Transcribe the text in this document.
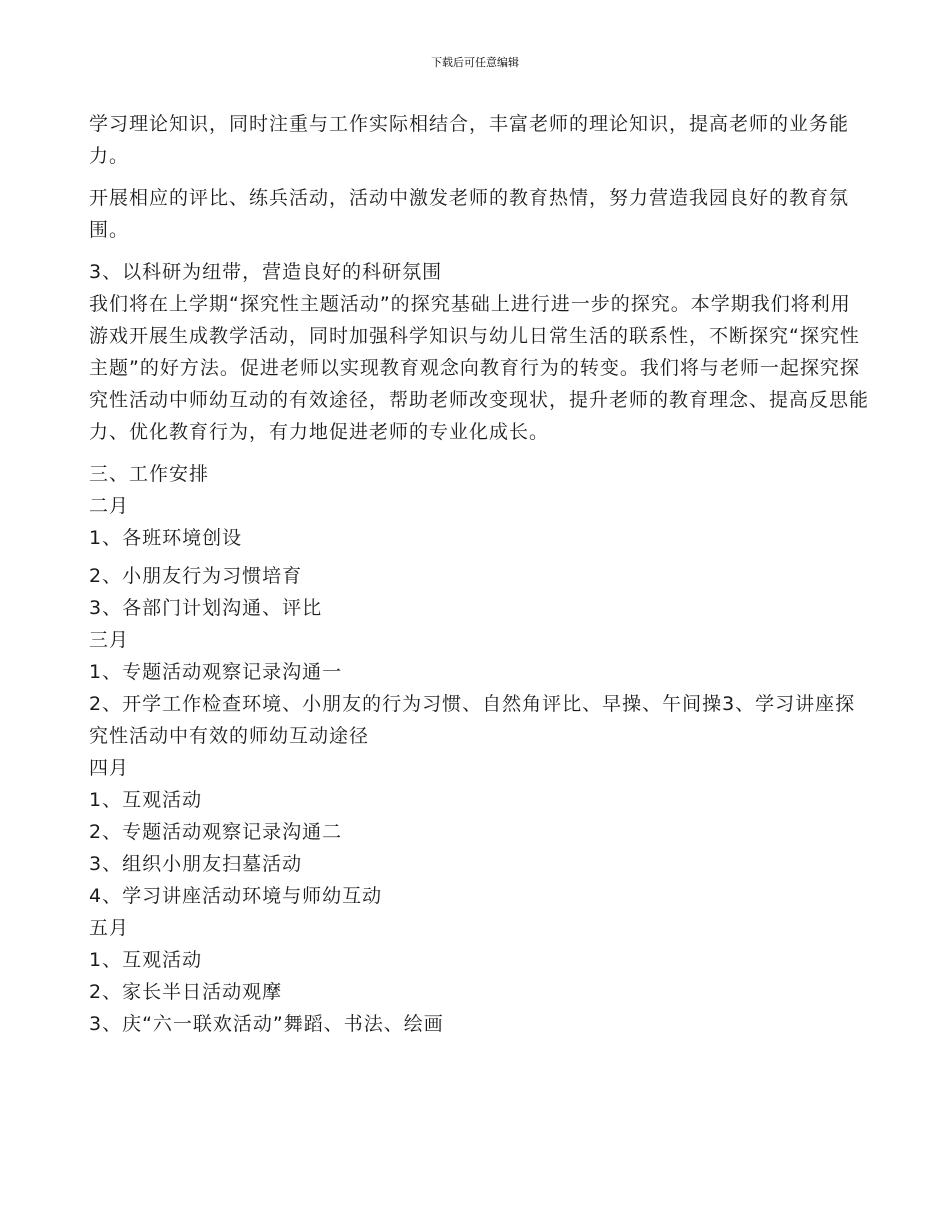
下载后可任意编辑

学习理论知识，同时注重与工作实际相结合，丰富老师的理论知识，提高老师的业务能力。

开展相应的评比、练兵活动，活动中激发老师的教育热情，努力营造我园良好的教育氛围。

3、以科研为纽带，营造良好的科研氛围

我们将在上学期“探究性主题活动”的探究基础上进行进一步的探究。本学期我们将利用游戏开展生成教学活动，同时加强科学知识与幼儿日常生活的联系性，不断探究“探究性主题”的好方法。促进老师以实现教育观念向教育行为的转变。我们将与老师一起探究探究性活动中师幼互动的有效途径，帮助老师改变现状，提升老师的教育理念、提高反思能力、优化教育行为，有力地促进老师的专业化成长。

三、工作安排

二月

1、各班环境创设

2、小朋友行为习惯培育

3、各部门计划沟通、评比

三月

1、专题活动观察记录沟通一

2、开学工作检查环境、小朋友的行为习惯、自然角评比、早操、午间操3、学习讲座探究性活动中有效的师幼互动途径

四月

1、互观活动

2、专题活动观察记录沟通二

3、组织小朋友扫墓活动

4、学习讲座活动环境与师幼互动

五月

1、互观活动

2、家长半日活动观摩

3、庆“六一联欢活动”舞蹈、书法、绘画
